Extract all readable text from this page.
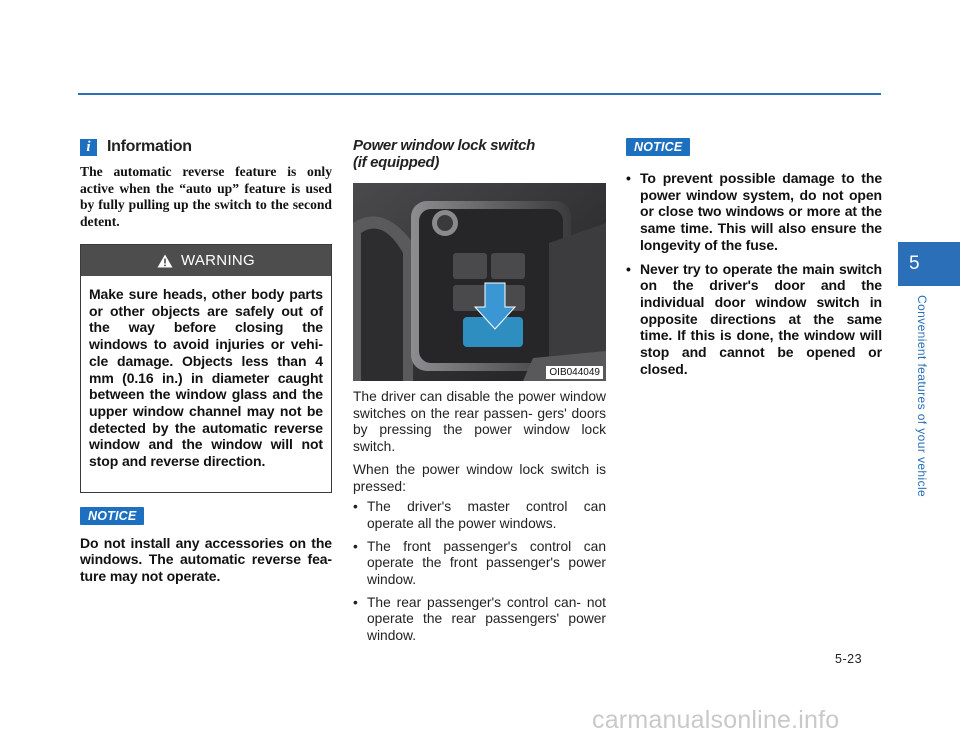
i	Information

The automatic reverse feature is only active when the “auto up” feature is used by fully pulling up the switch to the second detent.

WARNING

Make sure heads, other body parts or other objects are safely out of the way before closing the windows to avoid injuries or vehi- cle damage. Objects less than 4 mm (0.16 in.) in diameter caught between the window glass and the upper window channel may not be detected by the automatic reverse window and the window will not stop and reverse direction.

NOTICE

Do not install any accessories on the windows. The automatic reverse fea- ture may not operate.

Power window lock switch
(if equipped)
OIB044049

The driver can disable the power window switches on the rear passen- gers' doors by pressing the power window lock switch.

When the power window lock switch is pressed:

• The driver's master control can operate all the power windows.
• The front passenger's control can operate the front passenger's power window.
• The rear passenger's control can- not operate the rear passengers' power window.
NOTICE
• To prevent possible damage to the power window system, do not open or close two windows or more at the same time. This will also ensure the longevity of the fuse.
• Never try to operate the main switch on the driver's door and the individual door window switch in opposite directions at the same time. If this is done, the window will stop and cannot be opened or closed.
5
Convenient features of your vehicle
5-23
carmanualsonline.info
